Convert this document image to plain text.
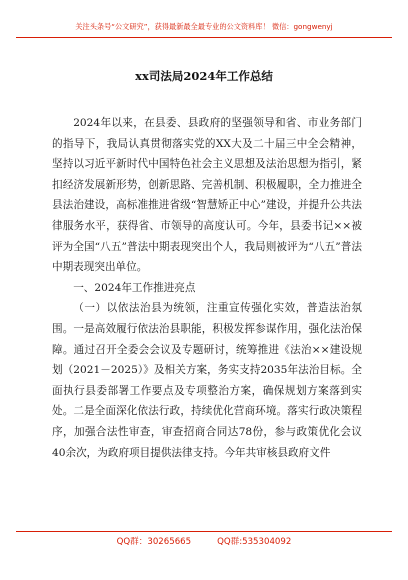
关注头条号“公文研究”，获得最新最全最专业的公文资料库！ 微信：gongwenyj
xx司法局2024年工作总结

2024年以来，在县委、县政府的坚强领导和省、市业务部门的指导下，我局认真贯彻落实党的XX大及二十届三中全会精神，坚持以习近平新时代中国特色社会主义思想及法治思想为指引，紧扣经济发展新形势，创新思路、完善机制、积极履职，全力推进全县法治建设，高标准推进省级“智慧矫正中心”建设，并提升公共法律服务水平，获得省、市领导的高度认可。今年，县委书记××被评为全国“八五”普法中期表现突出个人，我局则被评为“八五”普法中期表现突出单位。

一、2024年工作推进亮点

（一）以依法治县为统领，注重宣传强化实效，普造法治氛围。一是高效履行依法治县职能，积极发挥参谋作用，强化法治保障。通过召开全委会会议及专题研讨，统筹推进《法治××建设规划（2021－2025）》及相关方案，务实支持2035年法治目标。全面执行县委部署工作要点及专项整治方案，确保规划方案落到实处。二是全面深化依法行政，持续优化营商环境。落实行政决策程序，加强合法性审查，审查招商合同达78份，参与政策优化会议40余次，为政府项目提供法律支持。今年共审核县政府文件

QQ群：30265665	QQ群:535304092
